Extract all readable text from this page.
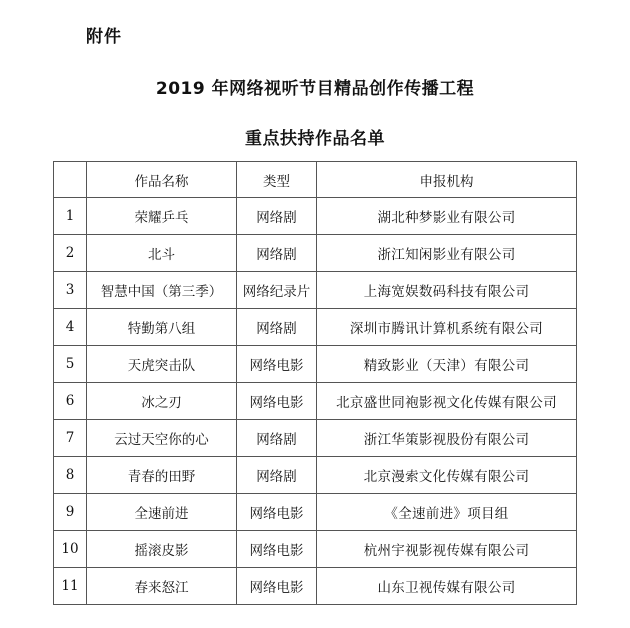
附件
2019 年网络视听节目精品创作传播工程
重点扶持作品名单
	作品名称	类型	申报机构
1	荣耀乒乓	网络剧	湖北种梦影业有限公司
2	北斗	网络剧	浙江知闲影业有限公司
3	智慧中国（第三季）	网络纪录片	上海宽娱数码科技有限公司
4	特勤第八组	网络剧	深圳市腾讯计算机系统有限公司
5	天虎突击队	网络电影	精致影业（天津）有限公司
6	冰之刃	网络电影	北京盛世同袍影视文化传媒有限公司
7	云过天空你的心	网络剧	浙江华策影视股份有限公司
8	青春的田野	网络剧	北京漫索文化传媒有限公司
9	全速前进	网络电影	《全速前进》项目组
10	摇滚皮影	网络电影	杭州宇视影视传媒有限公司
11	春来怒江	网络电影	山东卫视传媒有限公司
